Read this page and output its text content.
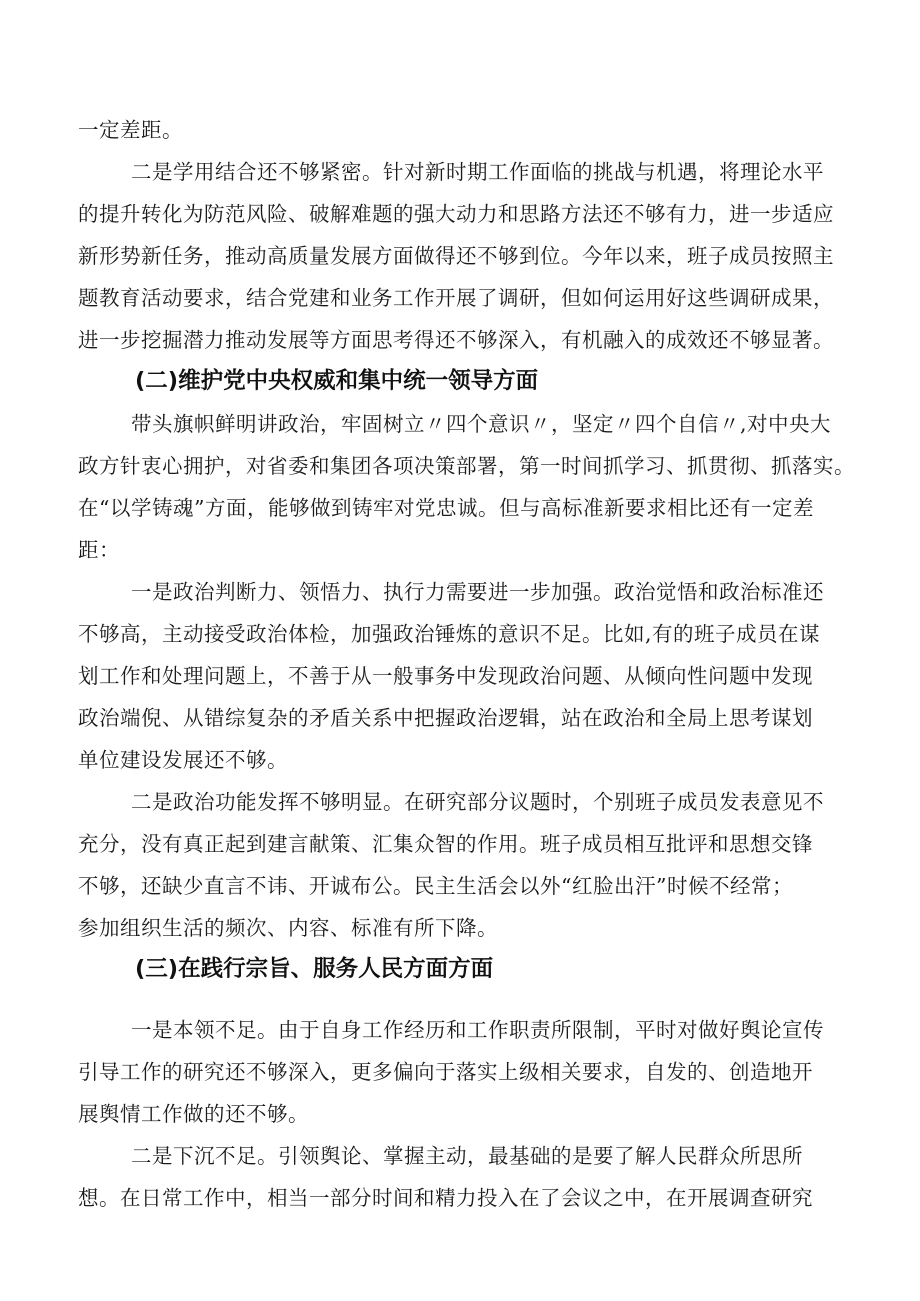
一定差距。
二是学用结合还不够紧密。针对新时期工作面临的挑战与机遇，将理论水平
的提升转化为防范风险、破解难题的强大动力和思路方法还不够有力，进一步适应
新形势新任务，推动高质量发展方面做得还不够到位。今年以来，班子成员按照主
题教育活动要求，结合党建和业务工作开展了调研，但如何运用好这些调研成果，
进一步挖掘潜力推动发展等方面思考得还不够深入，有机融入的成效还不够显著。
(二)维护党中央权威和集中统一领导方面
带头旗帜鲜明讲政治，牢固树立〃四个意识〃，坚定〃四个自信〃,对中央大
政方针衷心拥护，对省委和集团各项决策部署，第一时间抓学习、抓贯彻、抓落实。
在“以学铸魂”方面，能够做到铸牢对党忠诚。但与高标准新要求相比还有一定差
距：
一是政治判断力、领悟力、执行力需要进一步加强。政治觉悟和政治标准还
不够高，主动接受政治体检，加强政治锤炼的意识不足。比如,有的班子成员在谋
划工作和处理问题上，不善于从一般事务中发现政治问题、从倾向性问题中发现
政治端倪、从错综复杂的矛盾关系中把握政治逻辑，站在政治和全局上思考谋划
单位建设发展还不够。
二是政治功能发挥不够明显。在研究部分议题时，个别班子成员发表意见不
充分，没有真正起到建言献策、汇集众智的作用。班子成员相互批评和思想交锋
不够，还缺少直言不讳、开诚布公。民主生活会以外“红脸出汗”时候不经常；
参加组织生活的频次、内容、标准有所下降。
(三)在践行宗旨、服务人民方面方面
一是本领不足。由于自身工作经历和工作职责所限制，平时对做好舆论宣传
引导工作的研究还不够深入，更多偏向于落实上级相关要求，自发的、创造地开
展舆情工作做的还不够。
二是下沉不足。引领舆论、掌握主动，最基础的是要了解人民群众所思所
想。在日常工作中，相当一部分时间和精力投入在了会议之中，在开展调查研究
